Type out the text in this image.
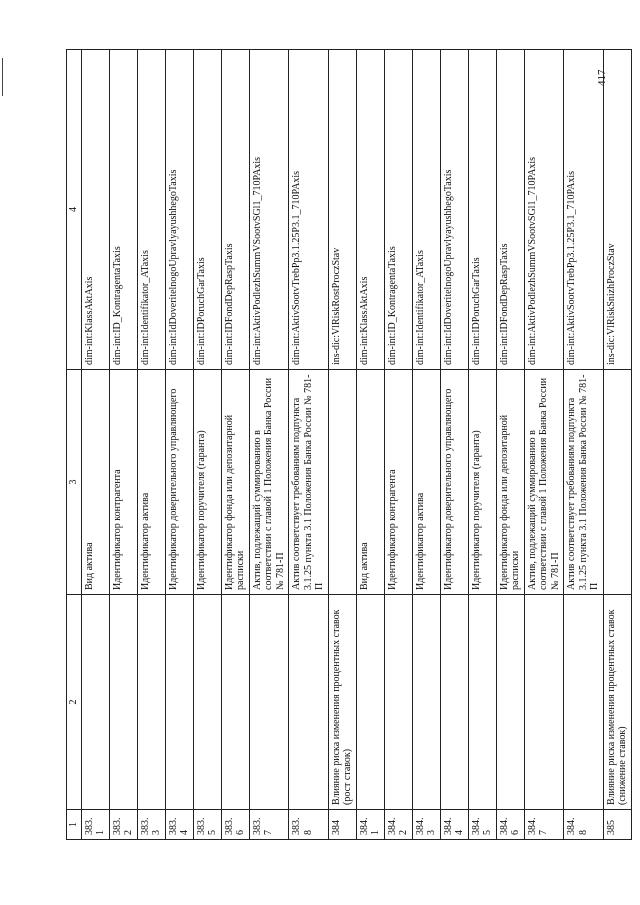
417
1	2	3	4
383.1		Вид актива	dim-int:KlassAktAxis
383.2		Идентификатор контрагента	dim-int:ID_KontragentaTaxis
383.3		Идентификатор актива	dim-int:Identifikator_ATaxis
383.4		Идентификатор доверительного управляющего	dim-int:IdDoveritelnogoUpravlyayushhegoTaxis
383.5		Идентификатор поручителя (гаранта)	dim-int:IDPoruchGarTaxis
383.6		Идентификатор фонда или депозитарной расписки	dim-int:IDFondDepRaspTaxis
383.7		Актив, подлежащий суммированию в соответствии с главой 1 Положения Банка России № 781-П	dim-int:AktivPodlezhSummVSootvSGl1_710PAxis
383.8		Актив соответствует требованиям подпункта 3.1.25 пункта 3.1 Положения Банка России № 781-П	dim-int:AktivSootvTrebPp3.1.25P3.1_710PAxis
384	Влияние риска изменения процентных ставок (рост ставок)		ins-dic:VlRiskRostProczStav
384.1		Вид актива	dim-int:KlassAktAxis
384.2		Идентификатор контрагента	dim-int:ID_KontragentaTaxis
384.3		Идентификатор актива	dim-int:Identifikator_ATaxis
384.4		Идентификатор доверительного управляющего	dim-int:IdDoveritelnogoUpravlyayushhegoTaxis
384.5		Идентификатор поручителя (гаранта)	dim-int:IDPoruchGarTaxis
384.6		Идентификатор фонда или депозитарной расписки	dim-int:IDFondDepRaspTaxis
384.7		Актив, подлежащий суммированию в соответствии с главой 1 Положения Банка России № 781-П	dim-int:AktivPodlezhSummVSootvSGl1_710PAxis
384.8		Актив соответствует требованиям подпункта 3.1.25 пункта 3.1 Положения Банка России № 781-П	dim-int:AktivSootvTrebPp3.1.25P3.1_710PAxis
385	Влияние риска изменения процентных ставок (снижение ставок)		ins-dic:VlRiskSnizhProczStav
